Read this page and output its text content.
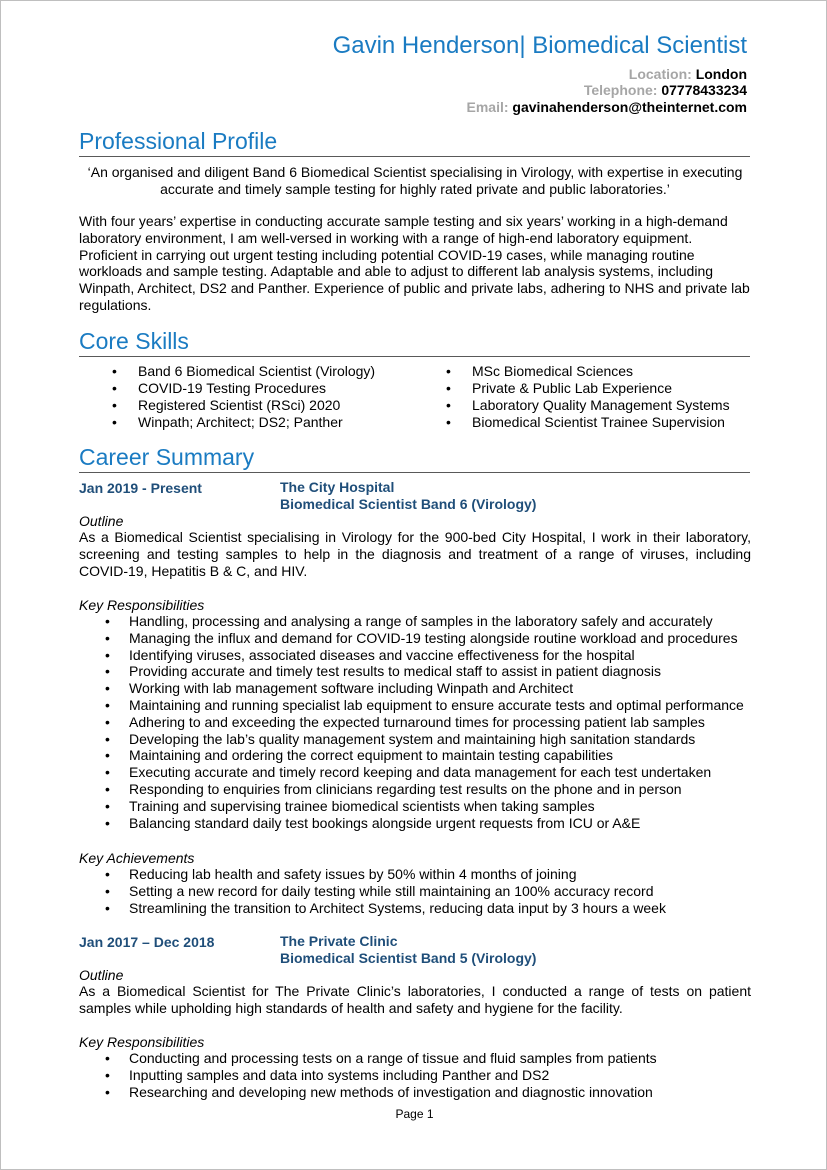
Gavin Henderson| Biomedical Scientist
Location: London
Telephone: 07778433234
Email: gavinahenderson@theinternet.com
Professional Profile
‘An organised and diligent Band 6 Biomedical Scientist specialising in Virology, with expertise in executing accurate and timely sample testing for highly rated private and public laboratories.’
With four years’ expertise in conducting accurate sample testing and six years’ working in a high-demand laboratory environment, I am well-versed in working with a range of high-end laboratory equipment. Proficient in carrying out urgent testing including potential COVID-19 cases, while managing routine workloads and sample testing. Adaptable and able to adjust to different lab analysis systems, including Winpath, Architect, DS2 and Panther. Experience of public and private labs, adhering to NHS and private lab regulations.
Core Skills
• Band 6 Biomedical Scientist (Virology)
• COVID-19 Testing Procedures
• Registered Scientist (RSci) 2020
• Winpath; Architect; DS2; Panther
• MSc Biomedical Sciences
• Private & Public Lab Experience
• Laboratory Quality Management Systems
• Biomedical Scientist Trainee Supervision
Career Summary
Jan 2019 - Present	The City Hospital
Biomedical Scientist Band 6 (Virology)
Outline
As a Biomedical Scientist specialising in Virology for the 900-bed City Hospital, I work in their laboratory, screening and testing samples to help in the diagnosis and treatment of a range of viruses, including COVID-19, Hepatitis B & C, and HIV.
Key Responsibilities
• Handling, processing and analysing a range of samples in the laboratory safely and accurately
• Managing the influx and demand for COVID-19 testing alongside routine workload and procedures
• Identifying viruses, associated diseases and vaccine effectiveness for the hospital
• Providing accurate and timely test results to medical staff to assist in patient diagnosis
• Working with lab management software including Winpath and Architect
• Maintaining and running specialist lab equipment to ensure accurate tests and optimal performance
• Adhering to and exceeding the expected turnaround times for processing patient lab samples
• Developing the lab’s quality management system and maintaining high sanitation standards
• Maintaining and ordering the correct equipment to maintain testing capabilities
• Executing accurate and timely record keeping and data management for each test undertaken
• Responding to enquiries from clinicians regarding test results on the phone and in person
• Training and supervising trainee biomedical scientists when taking samples
• Balancing standard daily test bookings alongside urgent requests from ICU or A&E
Key Achievements
• Reducing lab health and safety issues by 50% within 4 months of joining
• Setting a new record for daily testing while still maintaining an 100% accuracy record
• Streamlining the transition to Architect Systems, reducing data input by 3 hours a week
Jan 2017 – Dec 2018	The Private Clinic
Biomedical Scientist Band 5 (Virology)
Outline
As a Biomedical Scientist for The Private Clinic’s laboratories, I conducted a range of tests on patient samples while upholding high standards of health and safety and hygiene for the facility.
Key Responsibilities
• Conducting and processing tests on a range of tissue and fluid samples from patients
• Inputting samples and data into systems including Panther and DS2
• Researching and developing new methods of investigation and diagnostic innovation
Page 1
